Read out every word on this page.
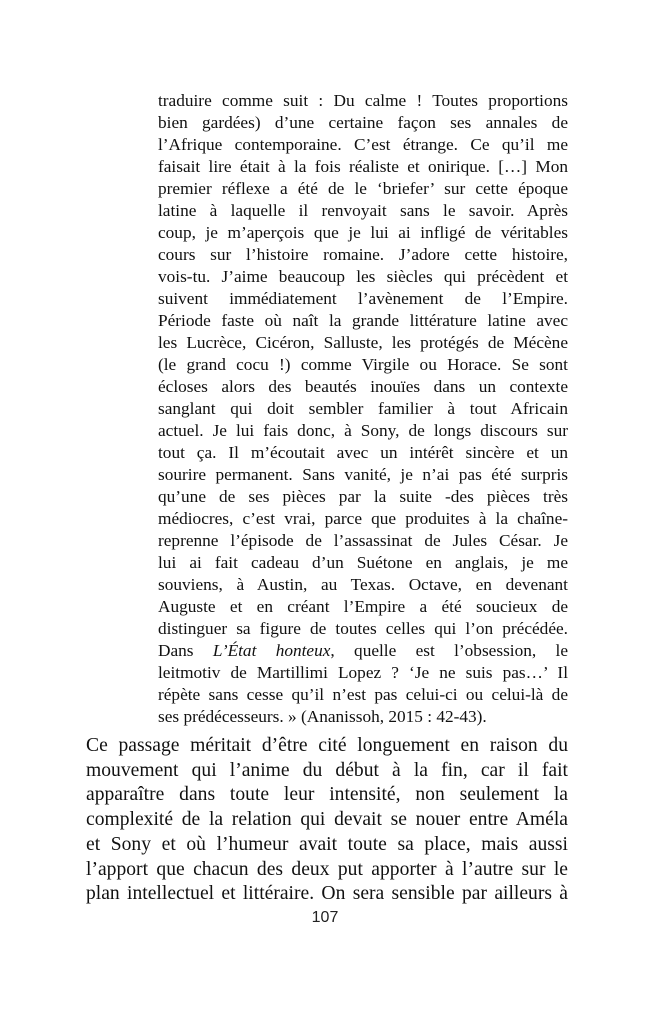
traduire comme suit : Du calme ! Toutes proportions
bien gardées) d’une certaine façon ses annales de
l’Afrique contemporaine. C’est étrange. Ce qu’il me
faisait lire était à la fois réaliste et onirique. […] Mon
premier réflexe a été de le ‘briefer’ sur cette époque
latine à laquelle il renvoyait sans le savoir. Après
coup, je m’aperçois que je lui ai infligé de véritables
cours sur l’histoire romaine. J’adore cette histoire,
vois-tu. J’aime beaucoup les siècles qui précèdent et
suivent immédiatement l’avènement de l’Empire.
Période faste où naît la grande littérature latine avec
les Lucrèce, Cicéron, Salluste, les protégés de Mécène
(le grand cocu !) comme Virgile ou Horace. Se sont
écloses alors des beautés inouïes dans un contexte
sanglant qui doit sembler familier à tout Africain
actuel. Je lui fais donc, à Sony, de longs discours sur
tout ça. Il m’écoutait avec un intérêt sincère et un
sourire permanent. Sans vanité, je n’ai pas été surpris
qu’une de ses pièces par la suite -des pièces très
médiocres, c’est vrai, parce que produites à la chaîne-
reprenne l’épisode de l’assassinat de Jules César. Je
lui ai fait cadeau d’un Suétone en anglais, je me
souviens, à Austin, au Texas. Octave, en devenant
Auguste et en créant l’Empire a été soucieux de
distinguer sa figure de toutes celles qui l’on précédée.
Dans L’État honteux, quelle est l’obsession, le
leitmotiv de Martillimi Lopez ? ‘Je ne suis pas…’ Il
répète sans cesse qu’il n’est pas celui-ci ou celui-là de
ses prédécesseurs. » (Ananissoh, 2015 : 42-43).
Ce passage méritait d’être cité longuement en raison du
mouvement qui l’anime du début à la fin, car il fait
apparaître dans toute leur intensité, non seulement la
complexité de la relation qui devait se nouer entre Améla
et Sony et où l’humeur avait toute sa place, mais aussi
l’apport que chacun des deux put apporter à l’autre sur le
plan intellectuel et littéraire. On sera sensible par ailleurs à
107
